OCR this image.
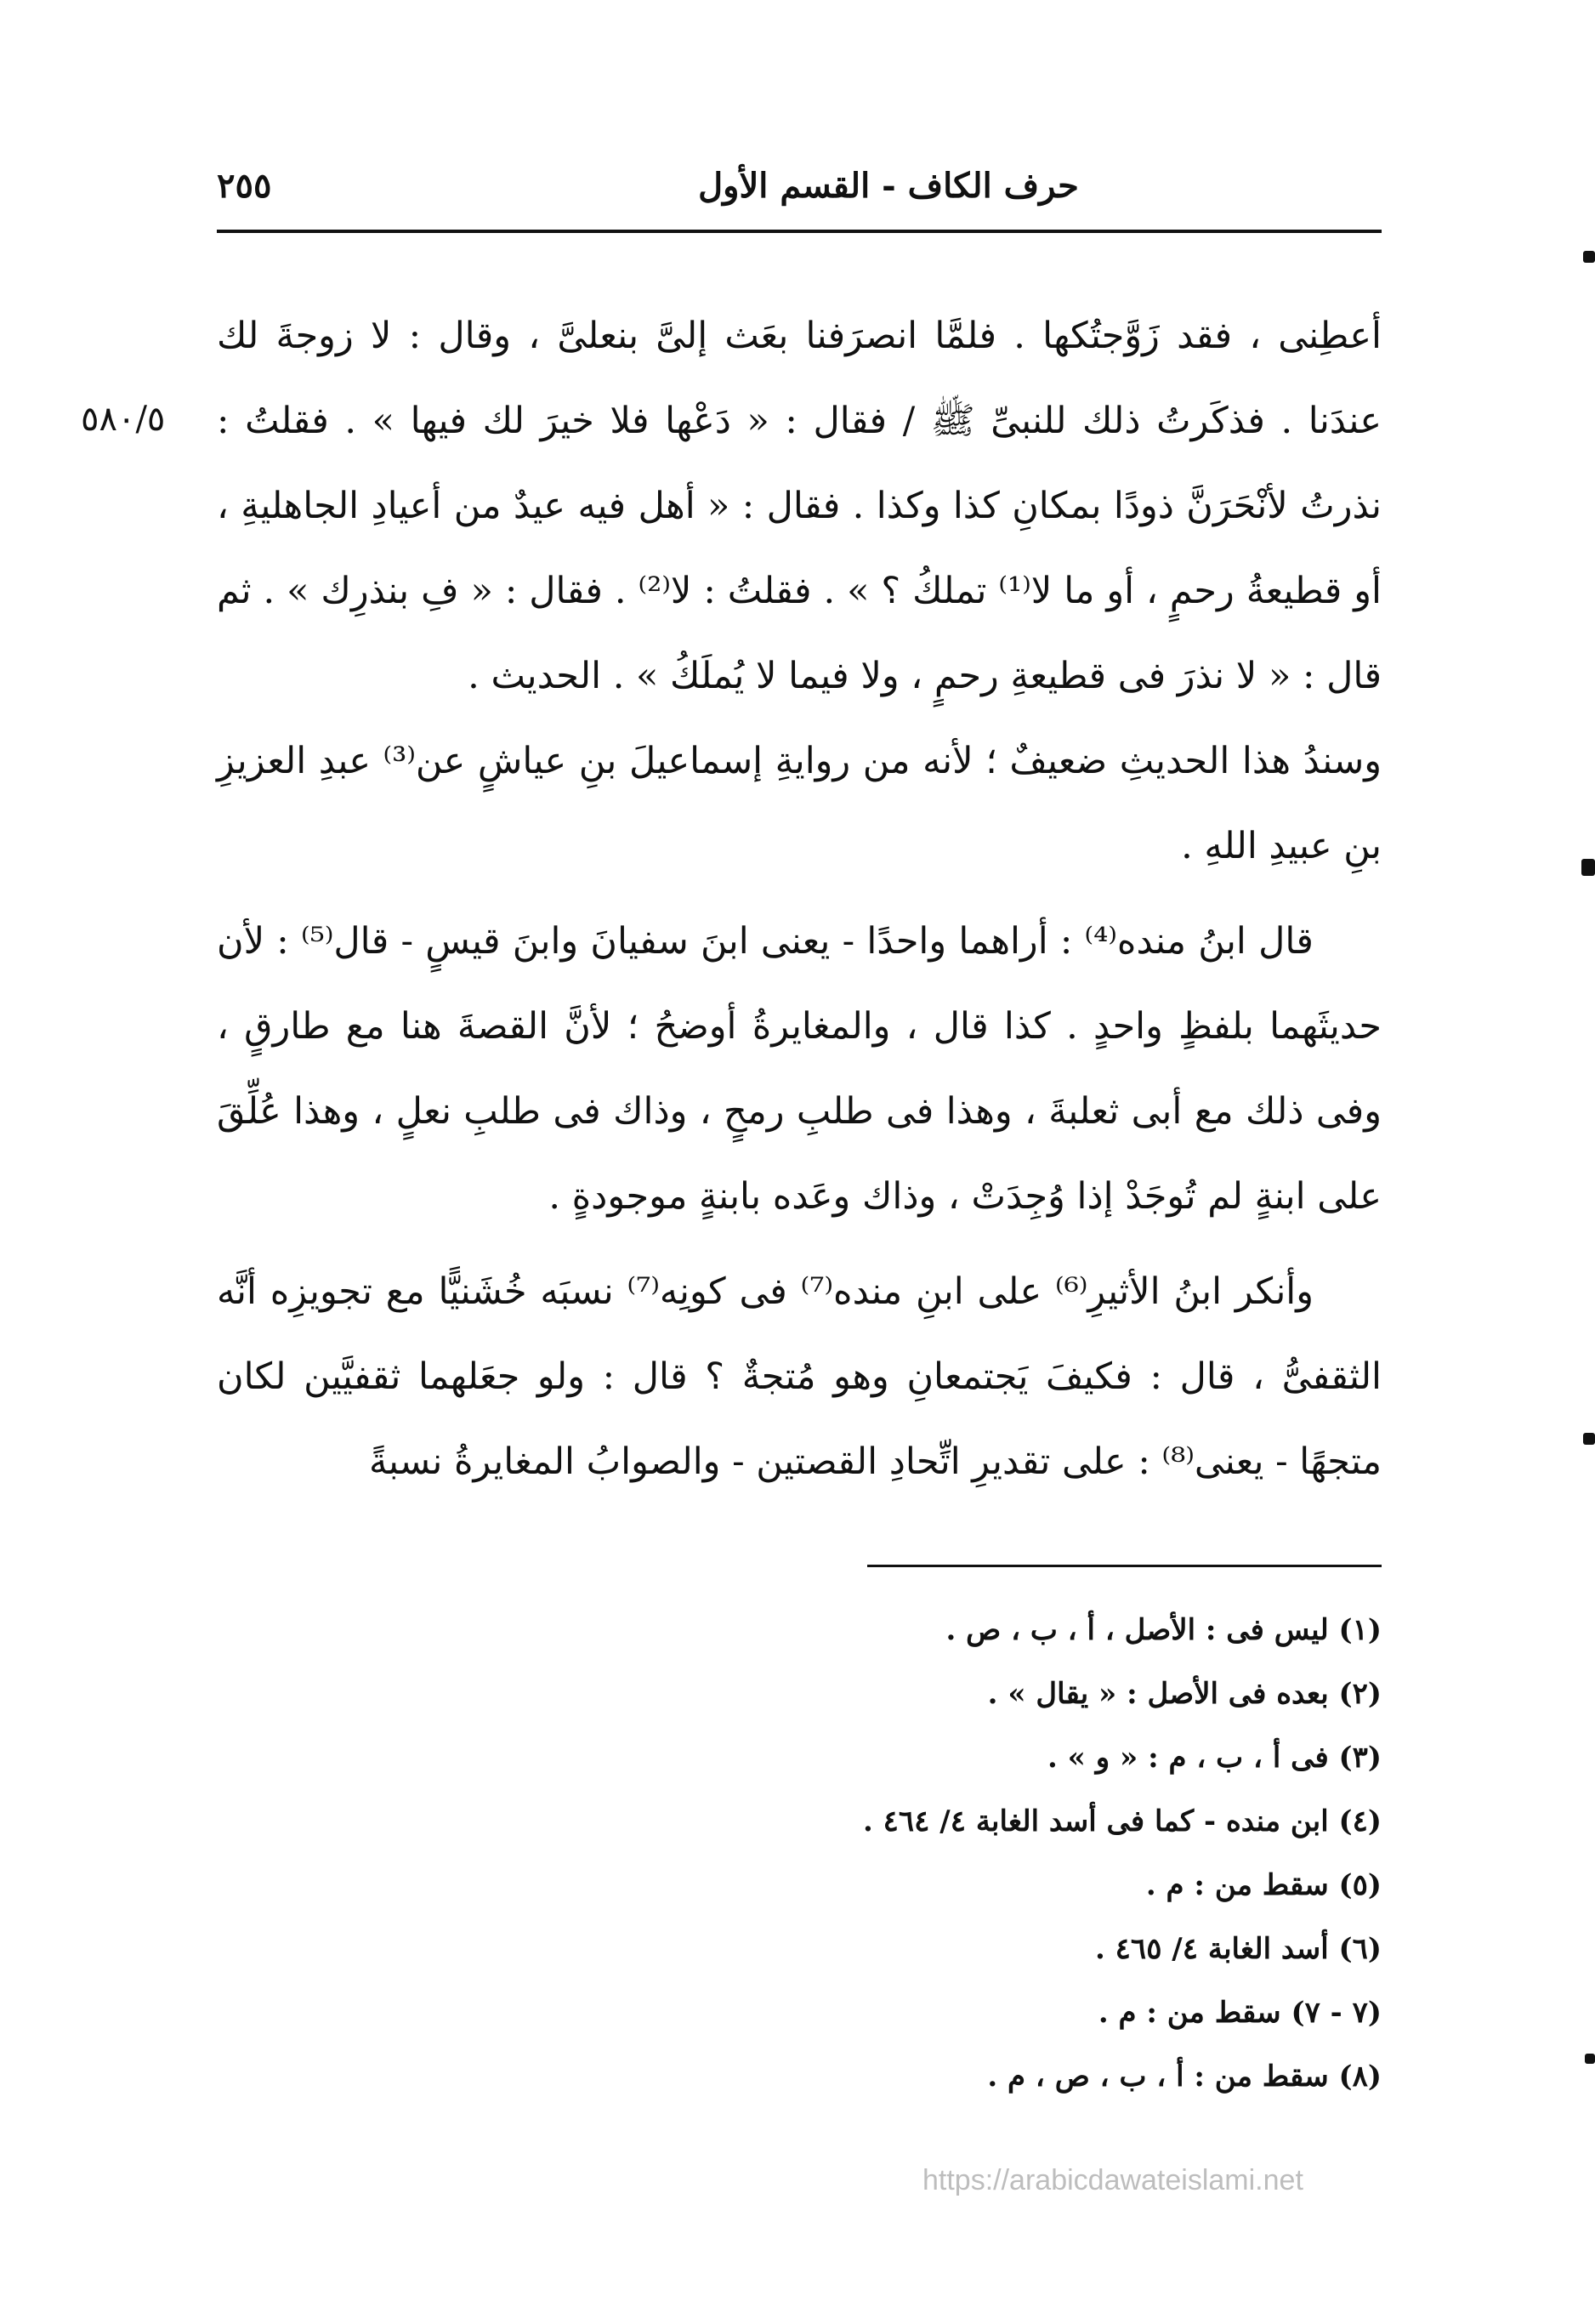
٢٥٥	حرف الكاف - القسم الأول
٥٨٠/٥

أعطِنى ، فقد زَوَّجتُكها . فلمَّا انصرَفنا بعَث إلىَّ بنعلىَّ ، وقال : لا زوجةَ لك عندَنا . فذكَرتُ ذلك للنبىِّ ﷺ / فقال : « دَعْها فلا خيرَ لك فيها » . فقلتُ : نذرتُ لأنْحَرَنَّ ذودًا بمكانِ كذا وكذا . فقال : « أهل فيه عيدٌ من أعيادِ الجاهليةِ ، أو قطيعةُ رحمٍ ، أو ما لا⁽¹⁾ تملكُ ؟ » . فقلتُ : لا⁽²⁾ . فقال : « فِ بنذرِك » . ثم قال : « لا نذرَ فى قطيعةِ رحمٍ ، ولا فيما لا يُملَكُ » . الحديث .

وسندُ هذا الحديثِ ضعيفٌ ؛ لأنه من روايةِ إسماعيلَ بنِ عياشٍ عن⁽³⁾ عبدِ العزيزِ بنِ عبيدِ اللهِ .

قال ابنُ منده⁽⁴⁾ : أراهما واحدًا - يعنى ابنَ سفيانَ وابنَ قيسٍ - قال⁽⁵⁾ : لأن حديثَهما بلفظٍ واحدٍ . كذا قال ، والمغايرةُ أوضحُ ؛ لأنَّ القصةَ هنا مع طارقٍ ، وفى ذلك مع أبى ثعلبةَ ، وهذا فى طلبِ رمحٍ ، وذاك فى طلبِ نعلٍ ، وهذا عُلِّقَ على ابنةٍ لم تُوجَدْ إذا وُجِدَتْ ، وذاك وعَده بابنةٍ موجودةٍ .

وأنكر ابنُ الأثيرِ⁽⁶⁾ على ابنِ منده⁽⁷⁾ فى كونِه⁽⁷⁾ نسبَه خُشَنيًّا مع تجويزِه أنَّه الثقفىُّ ، قال : فكيفَ يَجتمعانِ وهو مُتجةٌ ؟ قال : ولو جعَلهما ثقفيَّين لكان متجهًا - يعنى⁽⁸⁾ : على تقديرِ اتِّحادِ القصتين - والصوابُ المغايرةُ نسبةً

(١) ليس فى : الأصل ، أ ، ب ، ص .
(٢) بعده فى الأصل : « يقال » .
(٣) فى أ ، ب ، م : « و » .
(٤) ابن منده - كما فى أسد الغابة ٤/ ٤٦٤ .
(٥) سقط من : م .
(٦) أسد الغابة ٤/ ٤٦٥ .
(٧ - ٧) سقط من : م .
(٨) سقط من : أ ، ب ، ص ، م .
https://arabicdawateislami.net
